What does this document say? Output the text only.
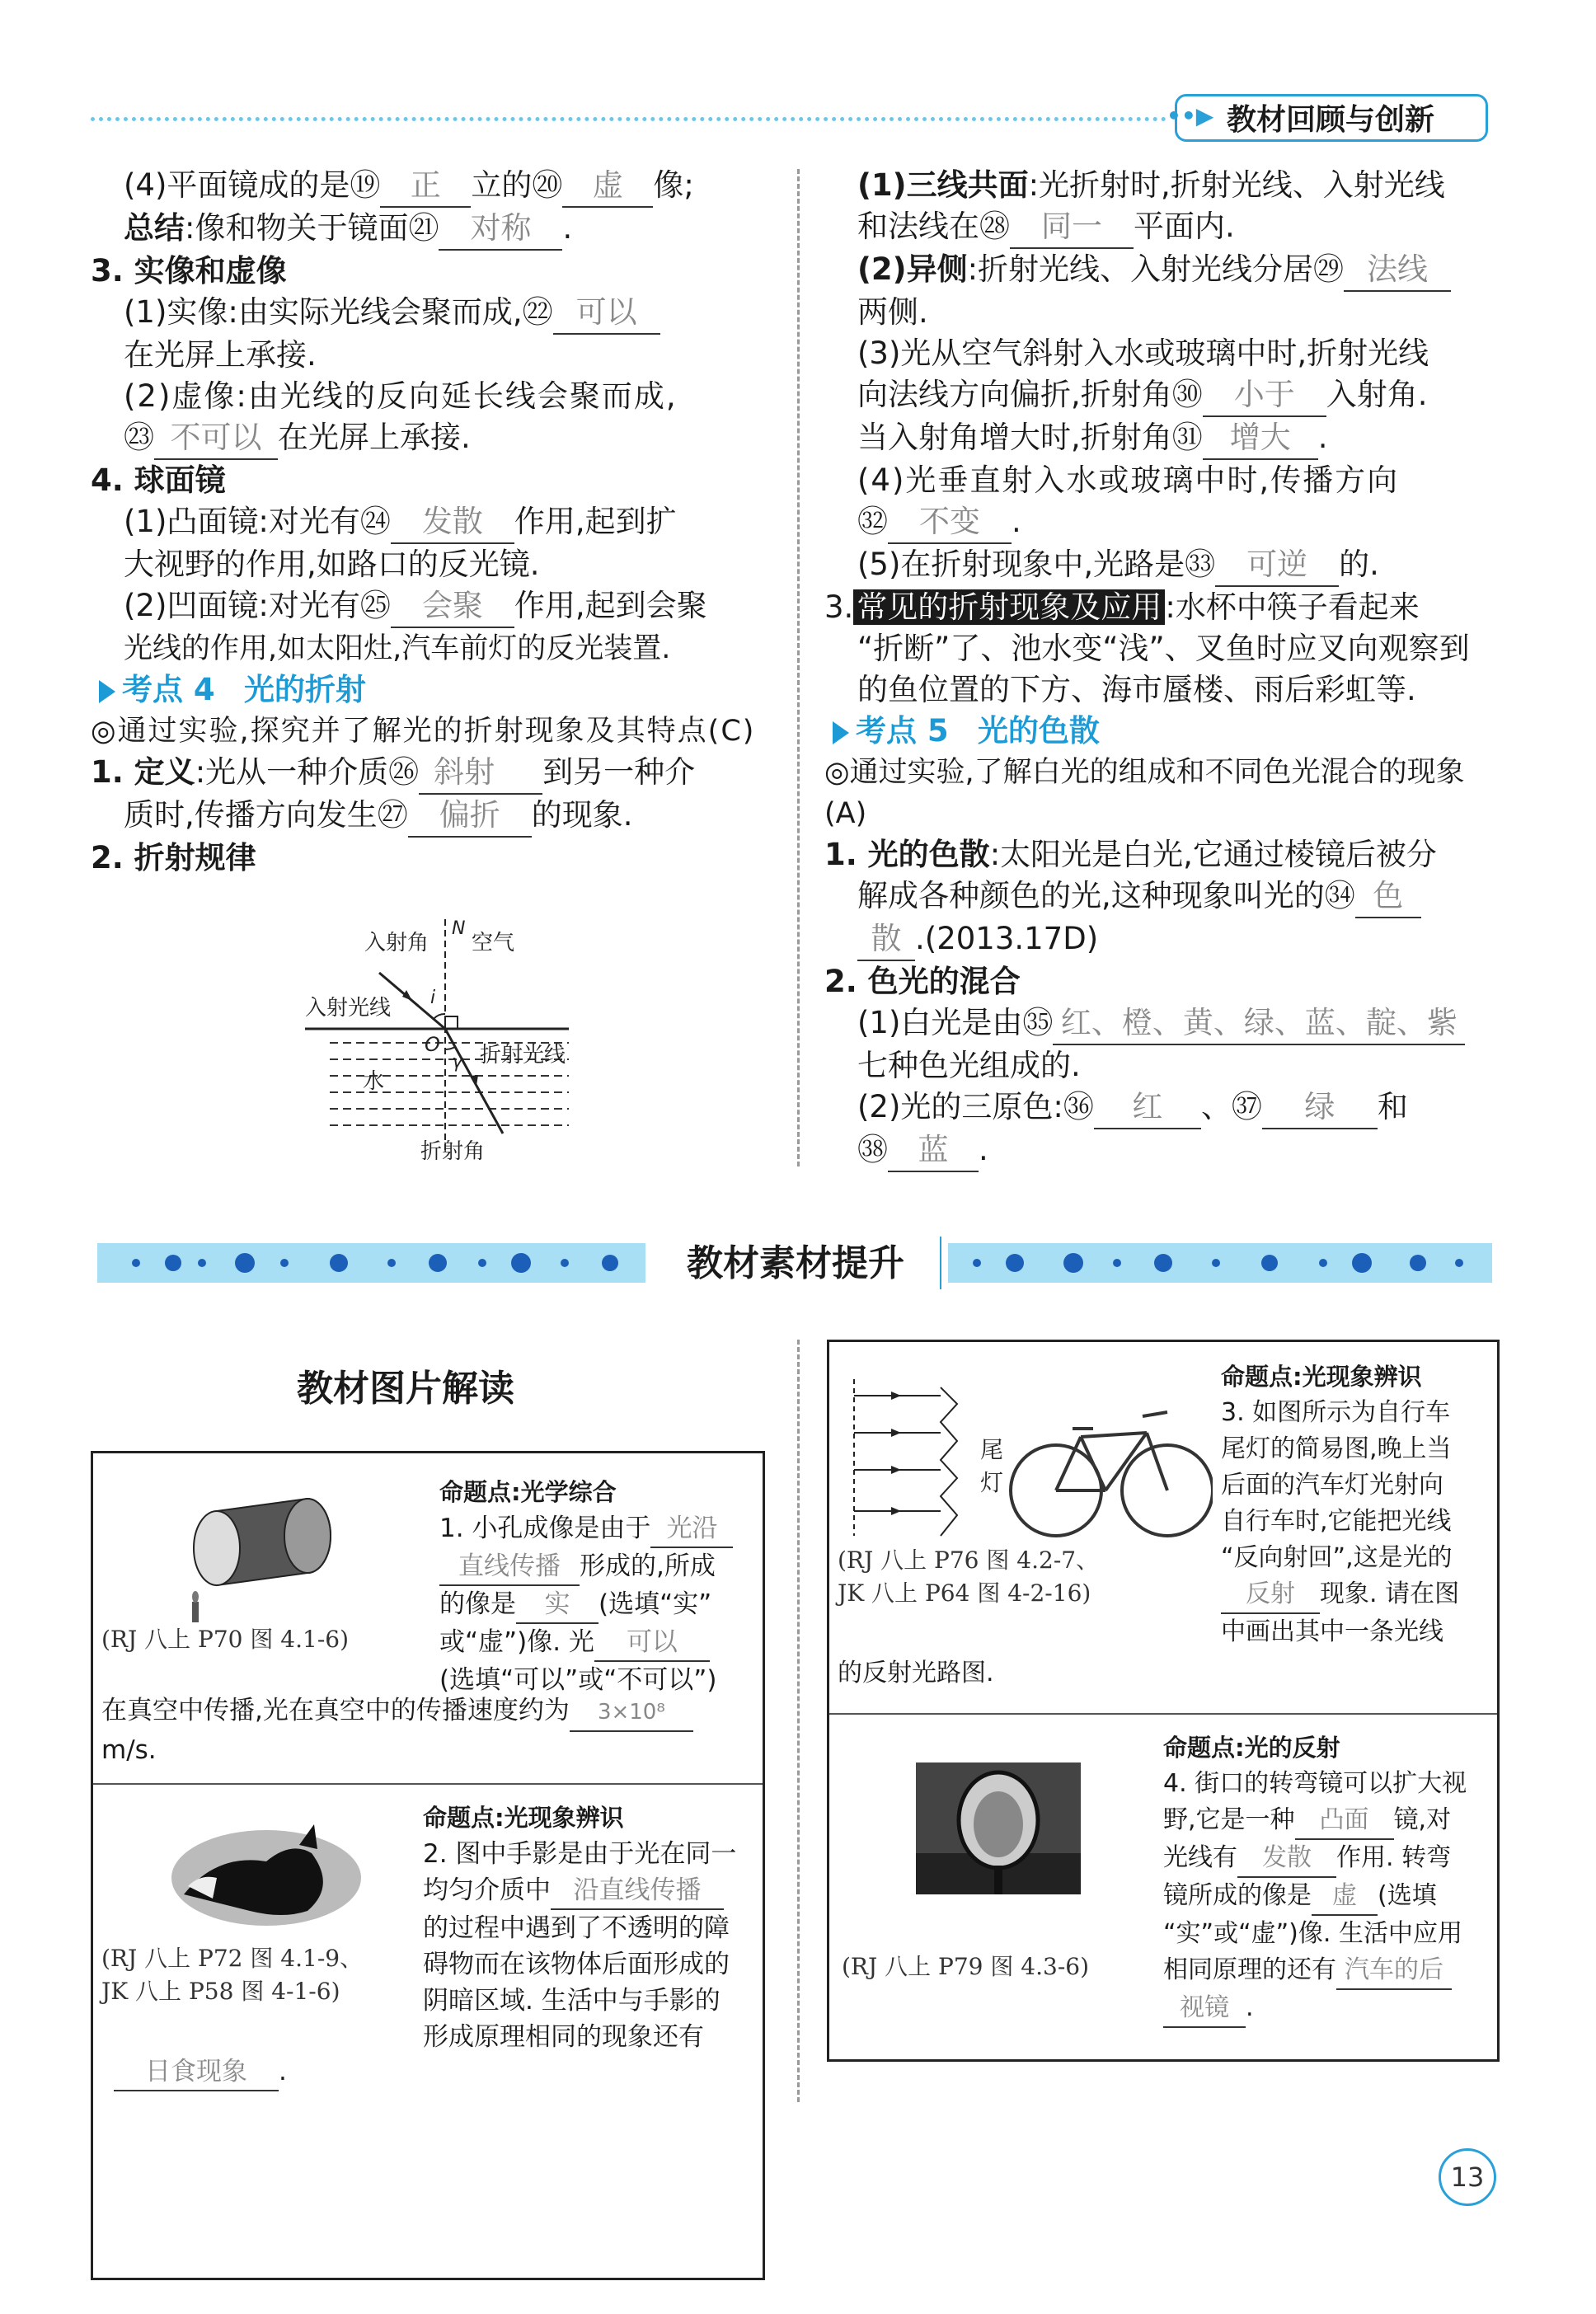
••▶ 教材回顾与创新

(4)平面镜成的是⑲ 正 立的⑳ 虚 像;

总结:像和物关于镜面㉑ 对称 .

3. 实像和虚像

(1)实像:由实际光线会聚而成,㉒ 可以

在光屏上承接.

(2)虚像:由光线的反向延长线会聚而成,

㉓ 不可以 在光屏上承接.

4. 球面镜

(1)凸面镜:对光有㉔ 发散 作用,起到扩

大视野的作用,如路口的反光镜.

(2)凹面镜:对光有㉕ 会聚 作用,起到会聚

光线的作用,如太阳灶,汽车前灯的反光装置.

考点 4 光的折射

◎通过实验,探究并了解光的折射现象及其特点(C)

1. 定义:光从一种介质㉖ 斜射 到另一种介

质时,传播方向发生㉗ 偏折 的现象.

2. 折射规律

入射角
N
空气
i
入射光线
O
γ 折射光线
水
折射角

(1)三线共面:光折射时,折射光线、入射光线

和法线在㉘ 同一 平面内.

(2)异侧:折射光线、入射光线分居㉙ 法线

两侧.

(3)光从空气斜射入水或玻璃中时,折射光线

向法线方向偏折,折射角㉚ 小于 入射角.

当入射角增大时,折射角㉛ 增大 .

(4)光垂直射入水或玻璃中时,传播方向

㉜ 不变 .

(5)在折射现象中,光路是㉝ 可逆 的.

3. 常见的折射现象及应用 :水杯中筷子看起来

“折断”了、池水变“浅”、叉鱼时应叉向观察到

的鱼位置的下方、海市蜃楼、雨后彩虹等.

考点 5 光的色散

◎通过实验,了解白光的组成和不同色光混合的现象(A)

1. 光的色散:太阳光是白光,它通过棱镜后被分

解成各种颜色的光,这种现象叫光的㉞ 色

散 .(2013.17D)

2. 色光的混合

(1)白光是由㉟ 红、橙、黄、绿、蓝、靛、紫

七种色光组成的.

(2)光的三原色:㊱ 红 、㊲ 绿 和

㊳ 蓝 .

教材素材提升
教材图片解读

命题点:光学综合

1. 小孔成像是由于 光沿

直线传播 形成的,所成

的像是 实 (选填“实”

或“虚”)像. 光 可以

(选填“可以”或“不可以”)

(RJ 八上 P70 图 4.1-6)

在真空中传播,光在真空中的传播速度约为 3×10⁸

m/s.

命题点:光现象辨识

2. 图中手影是由于光在同一

均匀介质中 沿直线传播

的过程中遇到了不透明的障

碍物而在该物体后面形成的

阴暗区域. 生活中与手影的

形成原理相同的现象还有

(RJ 八上 P72 图 4.1-9、

JK 八上 P58 图 4-1-6)

日食现象 .
尾
灯

命题点:光现象辨识

3. 如图所示为自行车

尾灯的简易图,晚上当

后面的汽车灯光射向

自行车时,它能把光线

“反向射回”,这是光的

反射 现象. 请在图

中画出其中一条光线

(RJ 八上 P76 图 4.2-7、

JK 八上 P64 图 4-2-16)

的反射光路图.

命题点:光的反射

4. 街口的转弯镜可以扩大视

野,它是一种 凸面 镜,对

光线有 发散 作用. 转弯

镜所成的像是 虚 (选填

“实”或“虚”)像. 生活中应用

相同原理的还有 汽车的后

视镜 .

(RJ 八上 P79 图 4.3-6)
13
